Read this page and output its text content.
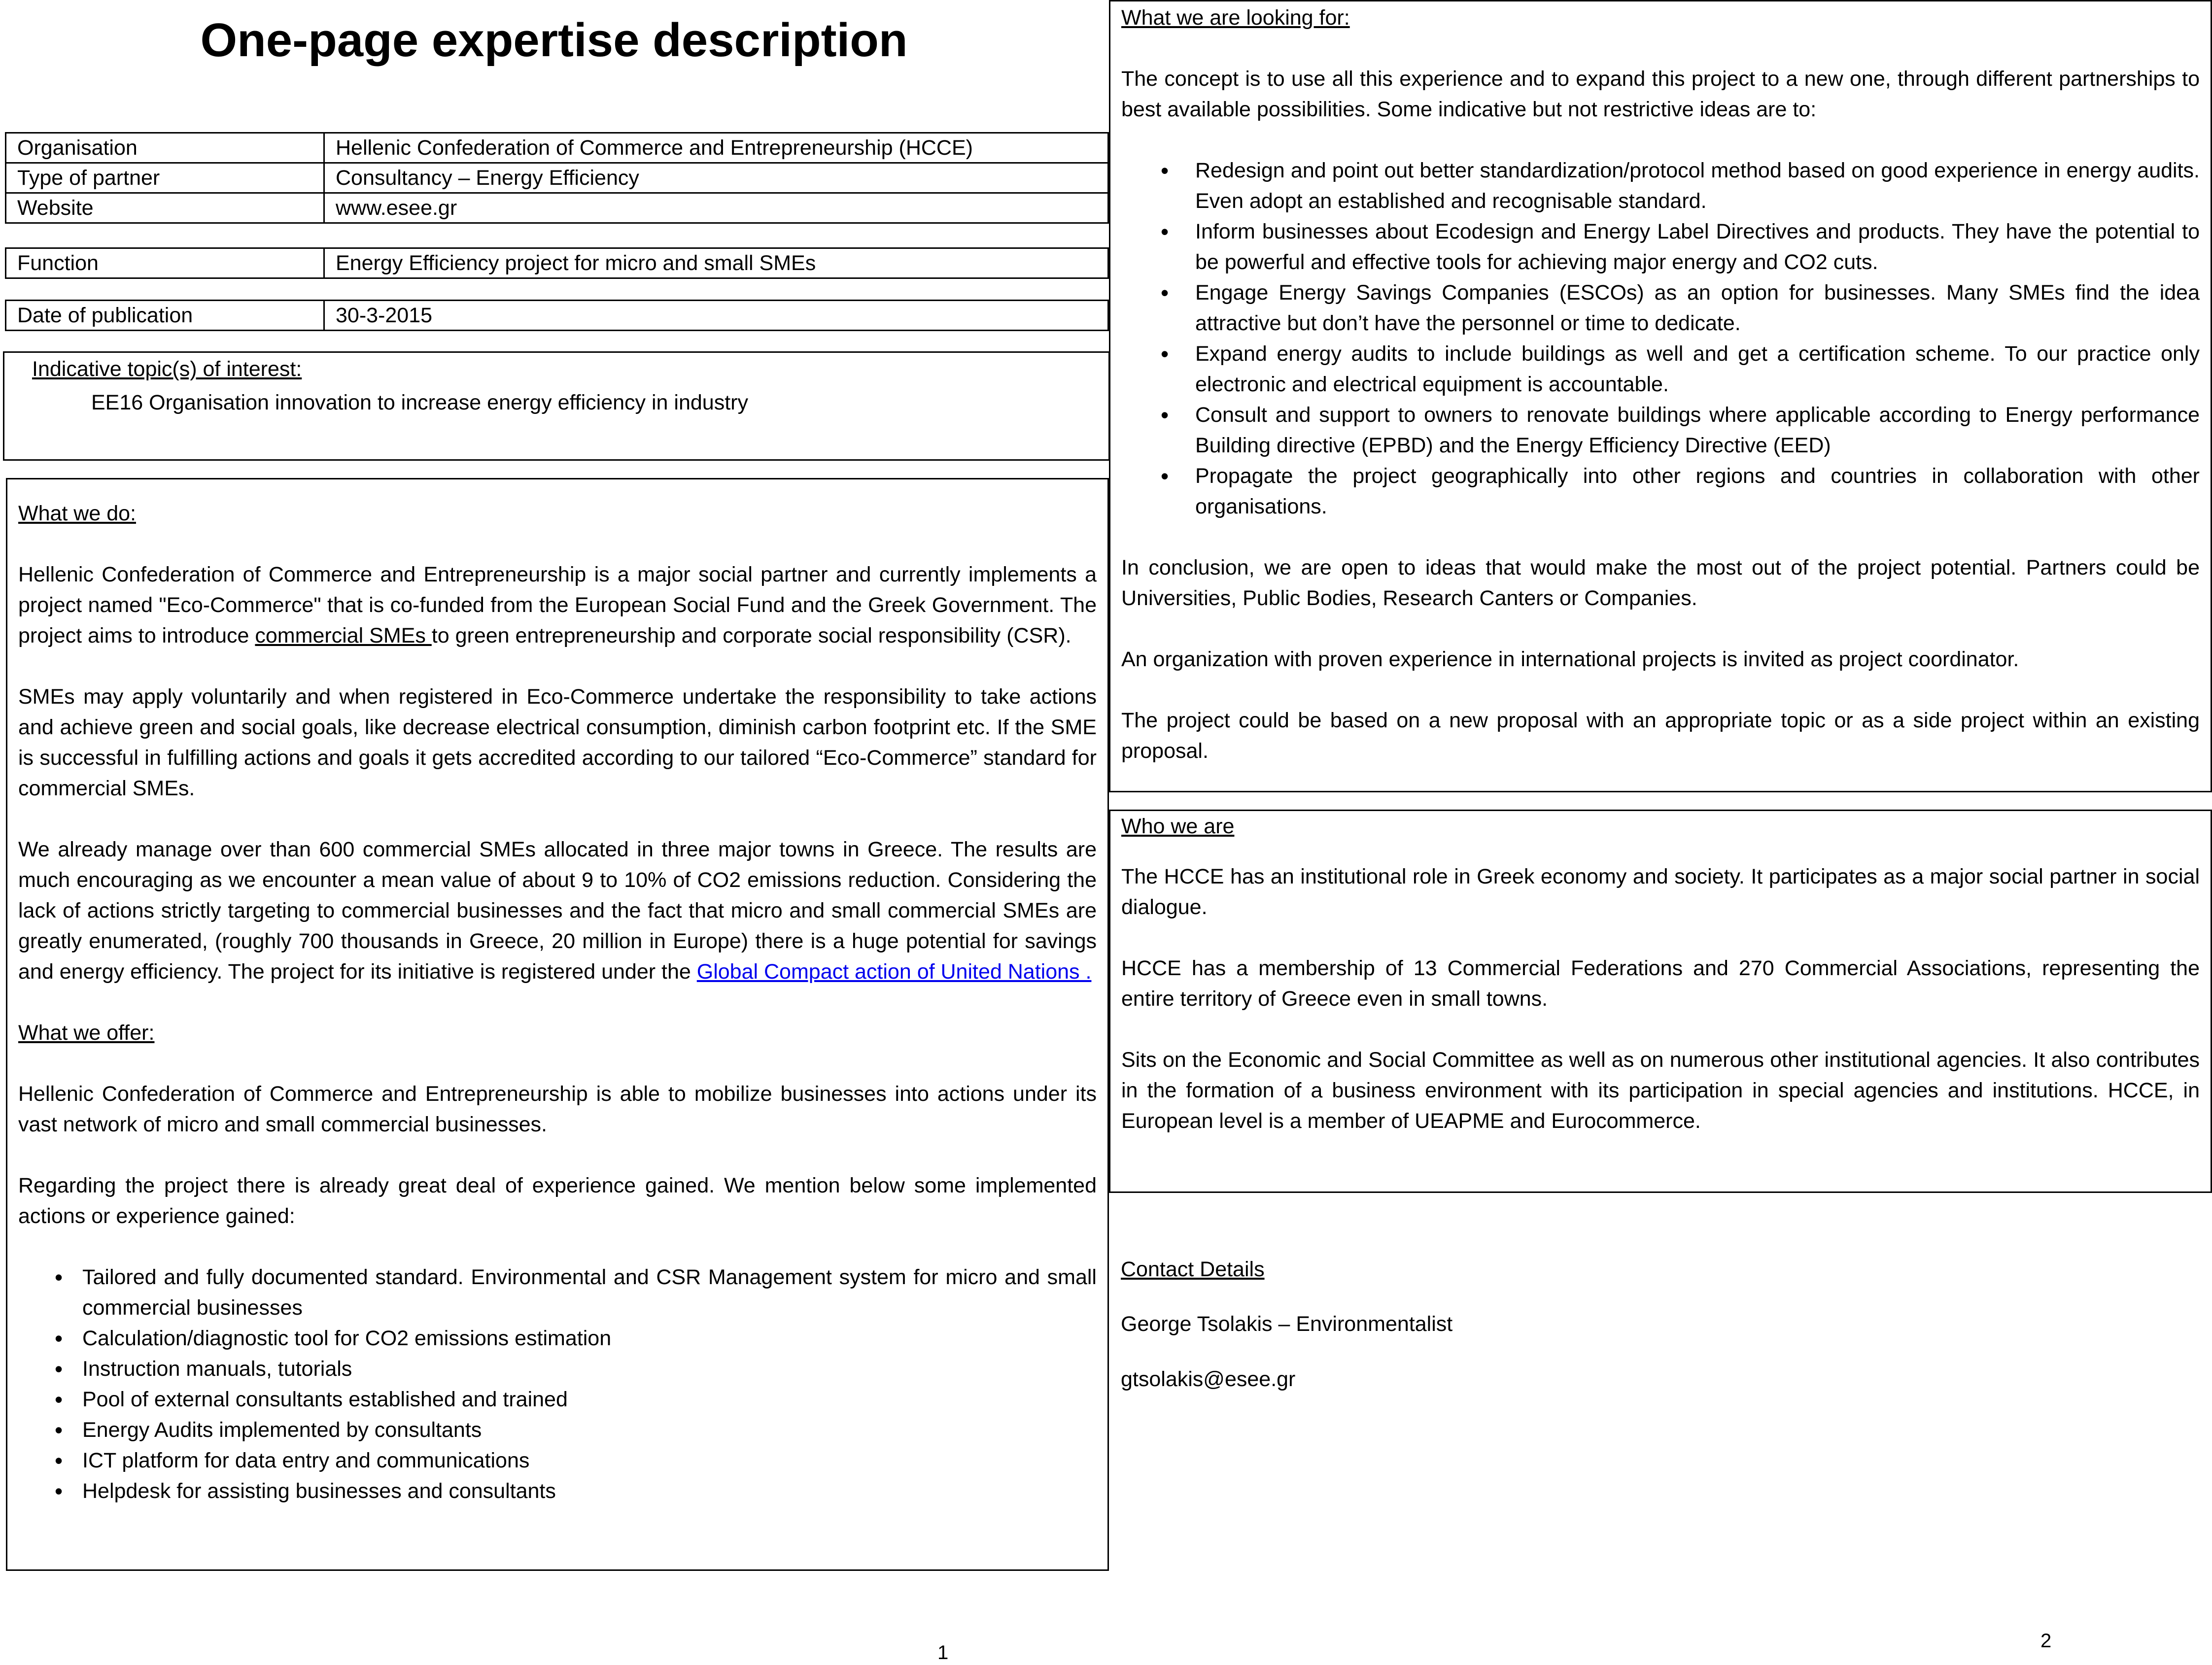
One-page expertise description
Organisation	Hellenic Confederation of Commerce and Entrepreneurship (HCCE)
Type of partner	Consultancy – Energy Efficiency
Website	www.esee.gr
Function	Energy Efficiency project for micro and small SMEs
Date of publication	30-3-2015
Indicative topic(s) of interest:
EE16 Organisation innovation to increase energy efficiency in industry
What we do:

Hellenic Confederation of Commerce and Entrepreneurship is a major social partner and currently implements a project named "Eco-Commerce" that is co-funded from the European Social Fund and the Greek Government. The project aims to introduce commercial SMEs to green entrepreneurship and corporate social responsibility (CSR).

SMEs may apply voluntarily and when registered in Eco-Commerce undertake the responsibility to take actions and achieve green and social goals, like decrease electrical consumption, diminish carbon footprint etc. If the SME is successful in fulfilling actions and goals it gets accredited according to our tailored “Eco-Commerce” standard for commercial SMEs.

We already manage over than 600 commercial SMEs allocated in three major towns in Greece. The results are much encouraging as we encounter a mean value of about 9 to 10% of CO2 emissions reduction. Considering the lack of actions strictly targeting to commercial businesses and the fact that micro and small commercial SMEs are greatly enumerated, (roughly 700 thousands in Greece, 20 million in Europe) there is a huge potential for savings and energy efficiency. The project for its initiative is registered under the Global Compact action of United Nations .

What we offer:

Hellenic Confederation of Commerce and Entrepreneurship is able to mobilize businesses into actions under its vast network of micro and small commercial businesses.

Regarding the project there is already great deal of experience gained. We mention below some implemented actions or experience gained:

• Tailored and fully documented standard. Environmental and CSR Management system for micro and small commercial businesses
• Calculation/diagnostic tool for CO2 emissions estimation
• Instruction manuals, tutorials
• Pool of external consultants established and trained
• Energy Audits implemented by consultants
• ICT platform for data entry and communications
• Helpdesk for assisting businesses and consultants
1
What we are looking for:

The concept is to use all this experience and to expand this project to a new one, through different partnerships to best available possibilities. Some indicative but not restrictive ideas are to:

• Redesign and point out better standardization/protocol method based on good experience in energy audits. Even adopt an established and recognisable standard.
• Inform businesses about Ecodesign and Energy Label Directives and products. They have the potential to be powerful and effective tools for achieving major energy and CO2 cuts.
• Engage Energy Savings Companies (ESCOs) as an option for businesses. Many SMEs find the idea attractive but don’t have the personnel or time to dedicate.
• Expand energy audits to include buildings as well and get a certification scheme. To our practice only electronic and electrical equipment is accountable.
• Consult and support to owners to renovate buildings where applicable according to Energy performance Building directive (EPBD) and the Energy Efficiency Directive (EED)
• Propagate the project geographically into other regions and countries in collaboration with other organisations.

In conclusion, we are open to ideas that would make the most out of the project potential. Partners could be Universities, Public Bodies, Research Canters or Companies.

An organization with proven experience in international projects is invited as project coordinator.

The project could be based on a new proposal with an appropriate topic or as a side project within an existing proposal.

Who we are

The HCCE has an institutional role in Greek economy and society. It participates as a major social partner in social dialogue.

HCCE has a membership of 13 Commercial Federations and 270 Commercial Associations, representing the entire territory of Greece even in small towns.

Sits on the Economic and Social Committee as well as on numerous other institutional agencies. It also contributes in the formation of a business environment with its participation in special agencies and institutions. HCCE, in European level is a member of UEAPME and Eurocommerce.

Contact Details
George Tsolakis – Environmentalist
gtsolakis@esee.gr
2
